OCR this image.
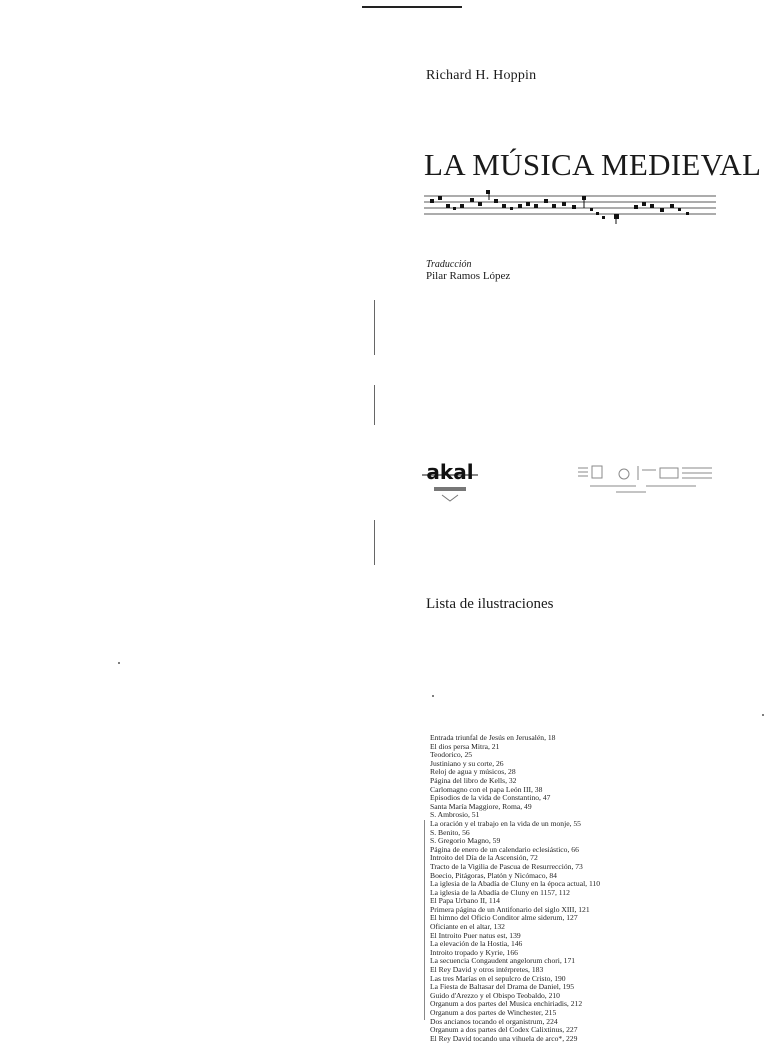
Richard H. Hoppin
LA MÚSICA MEDIEVAL
Traducción
Pilar Ramos López
akal
Lista de ilustraciones
Entrada triunfal de Jesús en Jerusalén, 18
El dios persa Mitra, 21
Teodorico, 25
Justiniano y su corte, 26
Reloj de agua y músicos, 28
Página del libro de Kells, 32
Carlomagno con el papa León III, 38
Episodios de la vida de Constantino, 47
Santa María Maggiore, Roma, 49
S. Ambrosio, 51
La oración y el trabajo en la vida de un monje, 55
S. Benito, 56
S. Gregorio Magno, 59
Página de enero de un calendario eclesiástico, 66
Introito del Día de la Ascensión, 72
Tracto de la Vigilia de Pascua de Resurrección, 73
Boecio, Pitágoras, Platón y Nicómaco, 84
La iglesia de la Abadía de Cluny en la época actual, 110
La iglesia de la Abadía de Cluny en 1157, 112
El Papa Urbano II, 114
Primera página de un Antifonario del siglo XIII, 121
El himno del Oficio Conditor alme siderum, 127
Oficiante en el altar, 132
El Introito Puer natus est, 139
La elevación de la Hostia, 146
Introito tropado y Kyrie, 166
La secuencia Congaudent angelorum chori, 171
El Rey David y otros intérpretes, 183
Las tres Marías en el sepulcro de Cristo, 190
La Fiesta de Baltasar del Drama de Daniel, 195
Guido d'Arezzo y el Obispo Teobaldo, 210
Organum a dos partes del Musica enchiriadis, 212
Organum a dos partes de Winchester, 215
Dos ancianos tocando el organistrum, 224
Organum a dos partes del Codex Calixtinus, 227
El Rey David tocando una vihuela de arco*, 229
